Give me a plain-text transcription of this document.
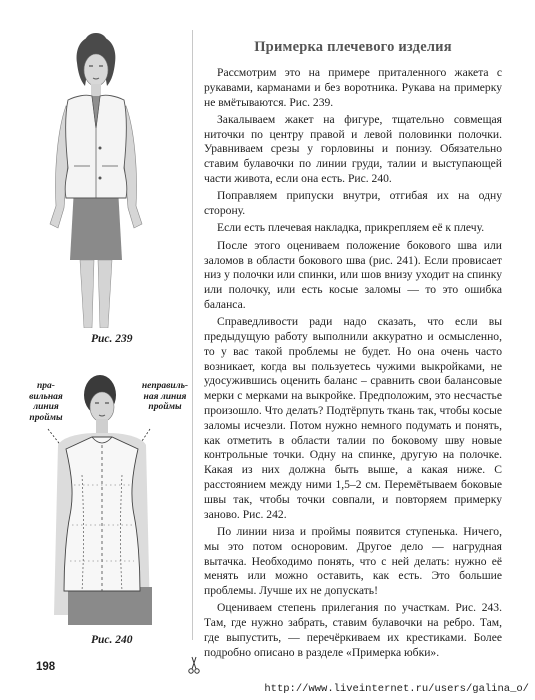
Рис. 239
пра-
вильная
линия
проймы
неправиль-
ная линия
проймы
Рис. 240
Примерка плечевого изделия

Рассмотрим это на примере приталенного жакета с рукавами, карманами и без воротника. Рукава на примерку не вмётываются. Рис. 239.

Закалываем жакет на фигуре, тщательно совмещая ниточки по центру правой и левой половинки полочки. Уравниваем срезы у горловины и понизу. Обязательно ставим булавочки по линии груди, талии и выступающей части живота, если она есть. Рис. 240.

Поправляем припуски внутри, отгибая их на одну сторону.

Если есть плечевая накладка, прикрепляем её к плечу.

После этого оцениваем положение бокового шва или заломов в области бокового шва (рис. 241). Если провисает низ у полочки или спинки, или шов внизу уходит на спинку или полочку, или есть косые заломы — то это ошибка баланса.

Справедливости ради надо сказать, что если вы предыдущую работу выполнили аккуратно и осмысленно, то у вас такой проблемы не будет. Но она очень часто возникает, когда вы пользуетесь чужими выкройками, не удосужившись оценить баланс – сравнить свои балансовые мерки с мерками на выкройке. Предположим, это несчастье произошло. Что делать? Подтёрпуть ткань так, чтобы косые заломы исчезли. Потом нужно немного подумать и понять, как отметить в области талии по боковому шву новые контрольные точки. Одну на спинке, другую на полочке. Какая из них должна быть выше, а какая ниже. С расстоянием между ними 1,5–2 см. Перемётываем боковые швы так, чтобы точки совпали, и повторяем примерку заново. Рис. 242.

По линии низа и проймы появится ступенька. Ничего, мы это потом оснoровим. Другое дело — нагрудная вытачка. Необходимо понять, что с ней делать: нужно её менять или можно оставить, как есть. Это большие проблемы. Лучше их не допускать!

Оцениваем степень прилегания по участкам. Рис. 243. Там, где нужно забрать, ставим булавочки на ребро. Там, где выпустить, — перечёркиваем их крестиками. Более подробно описано в разделе «Примерка юбки».

198
http://www.liveinternet.ru/users/galina_o/
